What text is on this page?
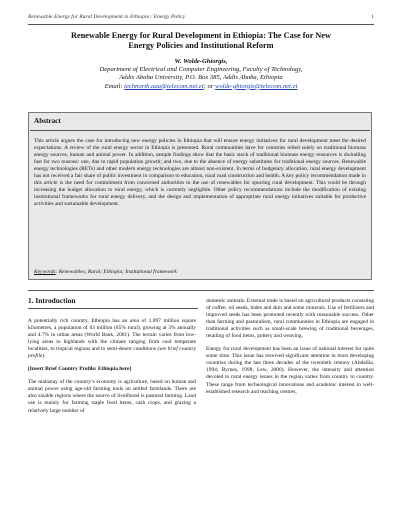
Renewable Energy for Rural Development in Ethiopia / Energy Policy	1
Renewable Energy for Rural Development in Ethiopia: The Case for New Energy Policies and Institutional Reform
W. Wolde-Ghiorgis,
Department of Electrical and Computer Engineering, Faculty of Technology,
Addis Ababa University, P.O. Box 385, Addis Ababa, Ethiopia
Email: technorth.aau@telecom.net.et; or wolde-ghiorgis@telecom.net.et
Abstract
This article argues the case for introducing new energy policies in Ethiopia that will ensure energy initiatives for rural development meet the desired expectations. A review of the rural energy sector in Ethiopia is presented. Rural communities have for centuries relied solely on traditional biomass energy sources, human and animal power. In addition, sample findings show that the basic stock of traditional biomass energy resources is dwindling fast for two reasons: one, due to rapid population growth; and two, due to the absence of energy substitutes for traditional energy sources. Renewable energy technologies (RETs) and other modern energy technologies are almost non-existent. In terms of budgetary allocation, rural energy development has not received a fair share of public investment in comparison to education, rural road construction and health. A key policy recommendation made in this article is the need for commitment from concerned authorities to the use of renewables for spurring rural development. This could be through increasing the budget allocation to rural energy, which is currently negligible. Other policy recommendations include the modification of existing institutional frameworks for rural energy delivery, and the design and implementation of appropriate rural energy initiatives suitable for productive activities and sustainable development.
Keywords: Renewables; Rural; Ethiopia; Institutional framework
1. Introduction

A potentially rich country, Ethiopia has an area of 1.097 million square kilometres, a population of 63 million (85% rural), growing at 3% annually and 4.7% in urban areas (World Bank, 2001). The terrain varies from low-lying areas to highlands with the climate ranging from cool temperate localities, to tropical regions and to semi-desert conditions (see brief country profile).

[Insert Brief Country Profile: Ethiopia here]

The mainstay of the country’s economy is agriculture, based on human and animal power using age-old farming tools on settled farmlands. There are also sizable regions where the source of livelihood is pastoral farming. Land use is mainly for farming staple food items, cash crops, and grazing a relatively large number of

domestic animals. External trade is based on agricultural products consisting of coffee, oil seeds, hides and skin and some minerals. Use of fertilizers and improved seeds has been promoted recently with reasonable success. Other than farming and pastoralism, rural communities in Ethiopia are engaged in traditional activities such as small-scale brewing of traditional beverages, retailing of food items, pottery and weaving.

Energy for rural development has been an issue of national interest for quite some time. This issue has received significant attention in most developing countries during the last three decades of the twentieth century (Abdallia, 1994; Byrnes, 1998; Lew, 2000). However, the intensity and attention devoted to rural energy issues in the region varies from country to country. These range from technological innovations and academic interest in well-established research and teaching centres,
